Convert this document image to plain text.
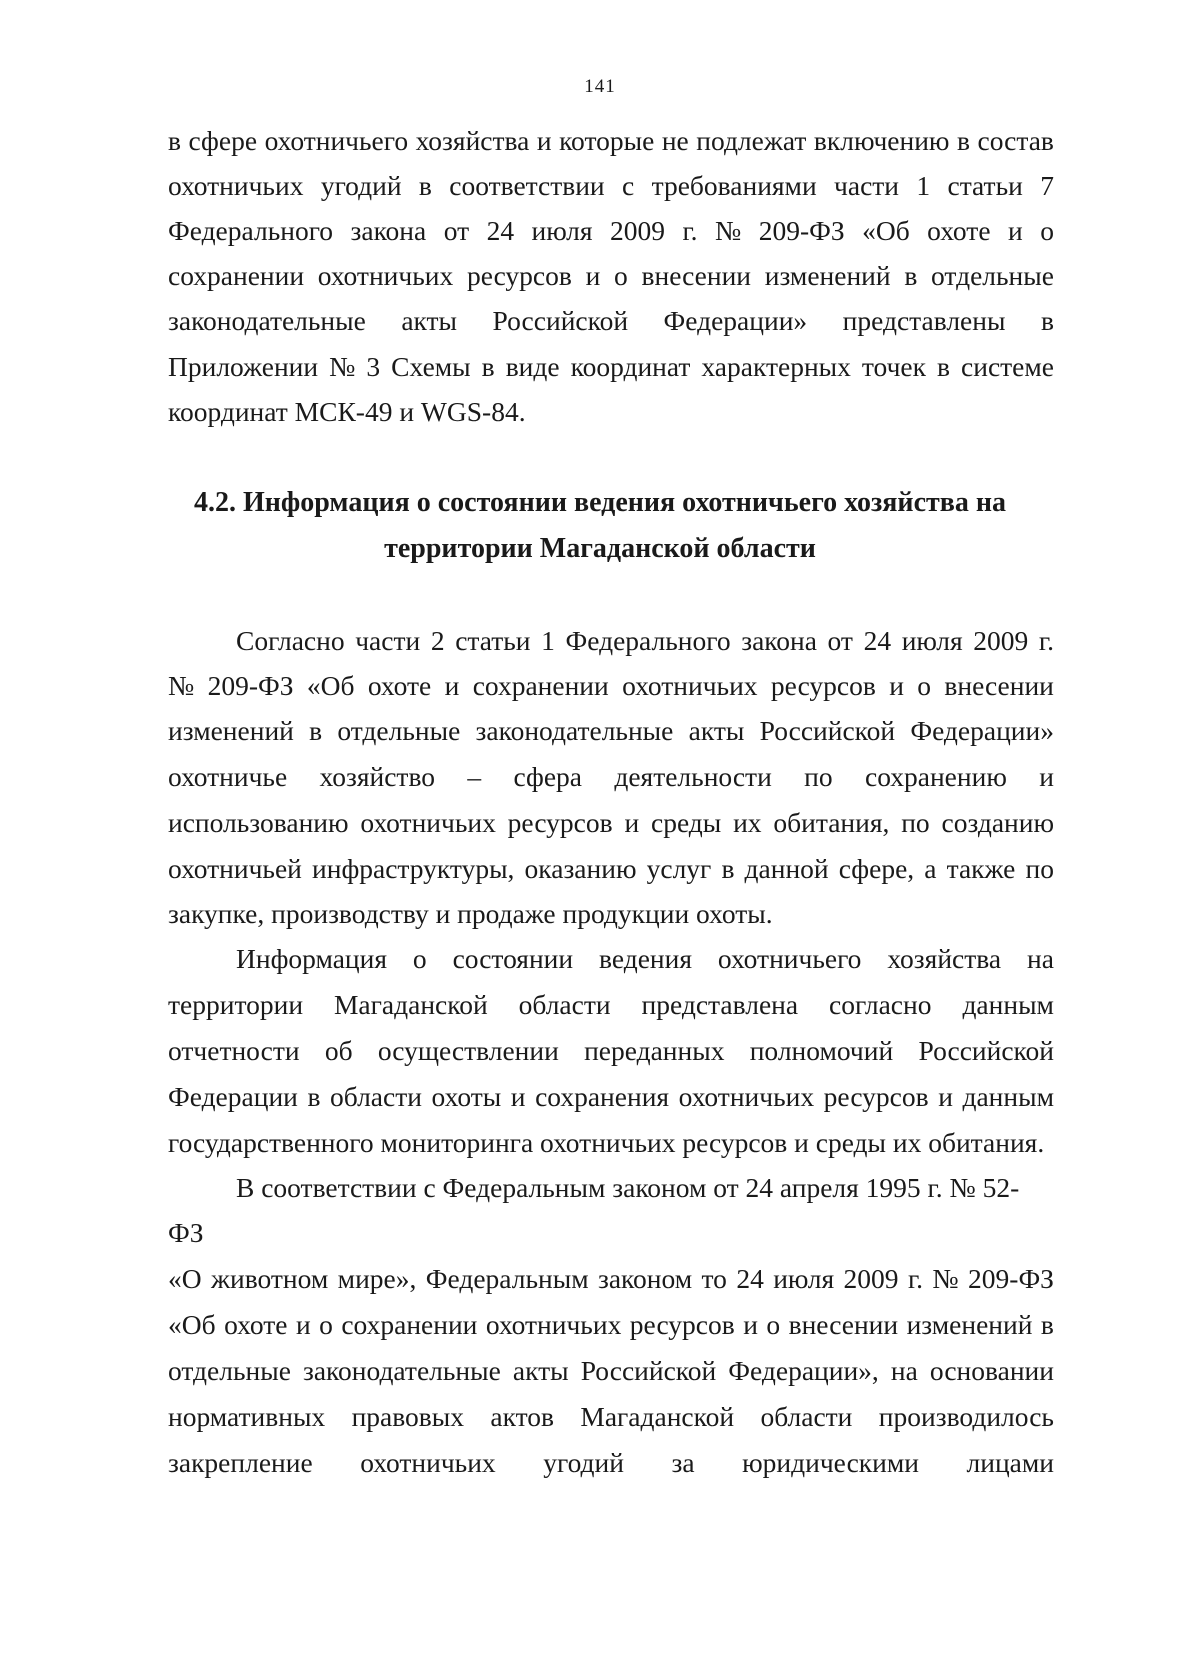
141
в сфере охотничьего хозяйства и которые не подлежат включению в состав
охотничьих угодий в соответствии с требованиями части 1 статьи 7
Федерального закона от 24 июля 2009 г. № 209-ФЗ «Об охоте и о
сохранении охотничьих ресурсов и о внесении изменений в отдельные
законодательные акты Российской Федерации» представлены в
Приложении № 3 Схемы в виде координат характерных точек в системе
координат МСК-49 и WGS-84.
4.2. Информация о состоянии ведения охотничьего хозяйства на
территории Магаданской области
Согласно части 2 статьи 1 Федерального закона от 24 июля 2009 г.
№ 209-ФЗ «Об охоте и сохранении охотничьих ресурсов и о внесении
изменений в отдельные законодательные акты Российской Федерации»
охотничье хозяйство – сфера деятельности по сохранению и
использованию охотничьих ресурсов и среды их обитания, по созданию
охотничьей инфраструктуры, оказанию услуг в данной сфере, а также по
закупке, производству и продаже продукции охоты.
Информация о состоянии ведения охотничьего хозяйства на
территории Магаданской области представлена согласно данным
отчетности об осуществлении переданных полномочий Российской
Федерации в области охоты и сохранения охотничьих ресурсов и данным
государственного мониторинга охотничьих ресурсов и среды их обитания.
В соответствии с Федеральным законом от 24 апреля 1995 г. № 52-
ФЗ
«О животном мире», Федеральным законом то 24 июля 2009 г. № 209-ФЗ
«Об охоте и о сохранении охотничьих ресурсов и о внесении изменений в
отдельные законодательные акты Российской Федерации», на основании
нормативных правовых актов Магаданской области производилось
закрепление охотничьих угодий за юридическими лицами
